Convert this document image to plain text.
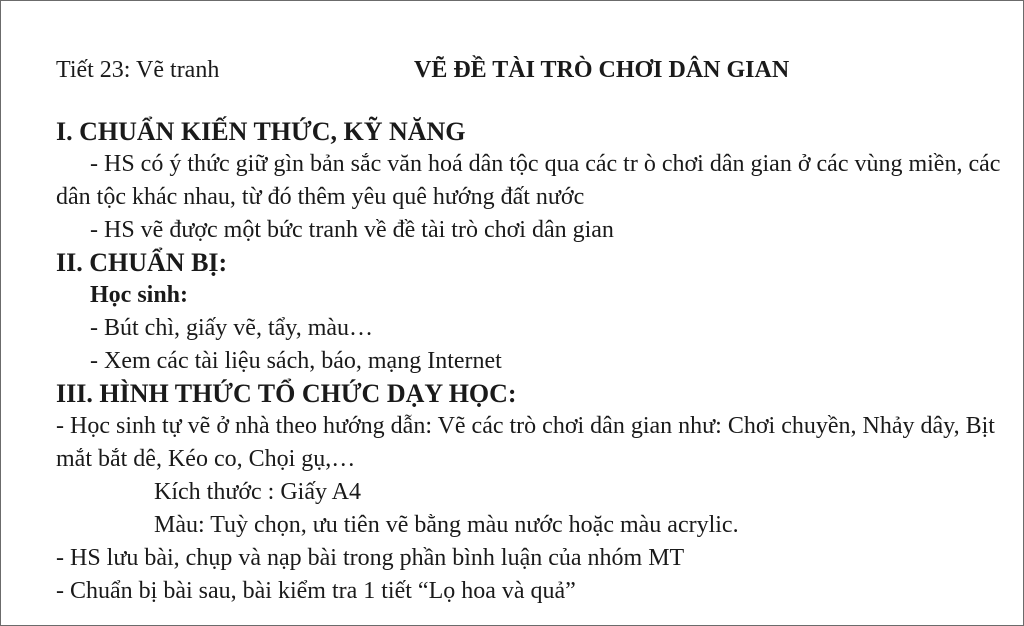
Tiết 23: Vẽ tranh	VẼ ĐỀ TÀI TRÒ CHƠI DÂN GIAN
I. CHUẨN KIẾN THỨC, KỸ NĂNG
- HS có ý thức giữ gìn bản sắc văn hoá dân tộc qua các tr ò chơi dân gian ở các vùng miền, các dân tộc khác nhau, từ đó thêm yêu quê hướng đất nước
- HS vẽ được một bức tranh về đề tài trò chơi dân gian
II. CHUẨN BỊ:
Học sinh:
- Bút chì, giấy vẽ, tẩy, màu…
- Xem các tài liệu sách, báo, mạng Internet
III. HÌNH THỨC TỔ CHỨC DẠY HỌC:
- Học sinh tự vẽ ở nhà theo hướng dẫn: Vẽ các trò chơi dân gian như: Chơi chuyền, Nhảy dây, Bịt mắt bắt dê, Kéo co, Chọi gụ,…
Kích thước : Giấy A4
Màu: Tuỳ chọn, ưu tiên vẽ bằng màu nước hoặc màu acrylic.
- HS lưu bài, chụp và nạp bài trong phần bình luận của nhóm MT
- Chuẩn bị bài sau, bài kiểm tra 1 tiết “Lọ hoa và quả”
